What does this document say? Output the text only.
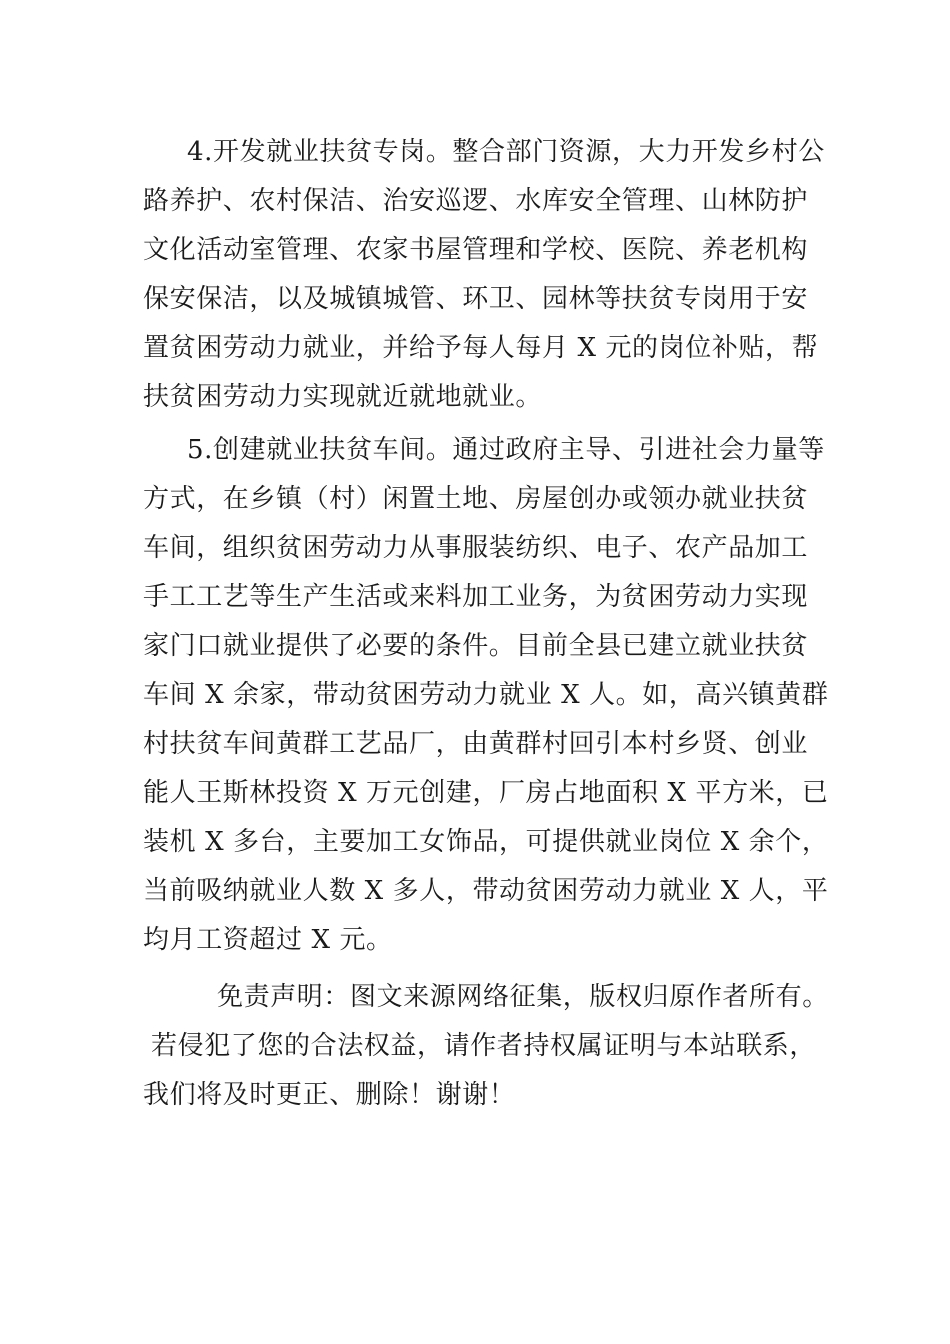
4.开发就业扶贫专岗。整合部门资源，大力开发乡村公
路养护、农村保洁、治安巡逻、水库安全管理、山林防护
文化活动室管理、农家书屋管理和学校、医院、养老机构
保安保洁，以及城镇城管、环卫、园林等扶贫专岗用于安
置贫困劳动力就业，并给予每人每月 X 元的岗位补贴，帮
扶贫困劳动力实现就近就地就业。
5.创建就业扶贫车间。通过政府主导、引进社会力量等
方式，在乡镇（村）闲置土地、房屋创办或领办就业扶贫
车间，组织贫困劳动力从事服装纺织、电子、农产品加工
手工工艺等生产生活或来料加工业务，为贫困劳动力实现
家门口就业提供了必要的条件。目前全县已建立就业扶贫
车间 X 余家，带动贫困劳动力就业 X 人。如，高兴镇黄群
村扶贫车间黄群工艺品厂，由黄群村回引本村乡贤、创业
能人王斯林投资 X 万元创建，厂房占地面积 X 平方米，已
装机 X 多台，主要加工女饰品，可提供就业岗位 X 余个，
当前吸纳就业人数 X 多人，带动贫困劳动力就业 X 人，平
均月工资超过 X 元。
免责声明：图文来源网络征集，版权归原作者所有。
若侵犯了您的合法权益，请作者持权属证明与本站联系，
我们将及时更正、删除！谢谢！
